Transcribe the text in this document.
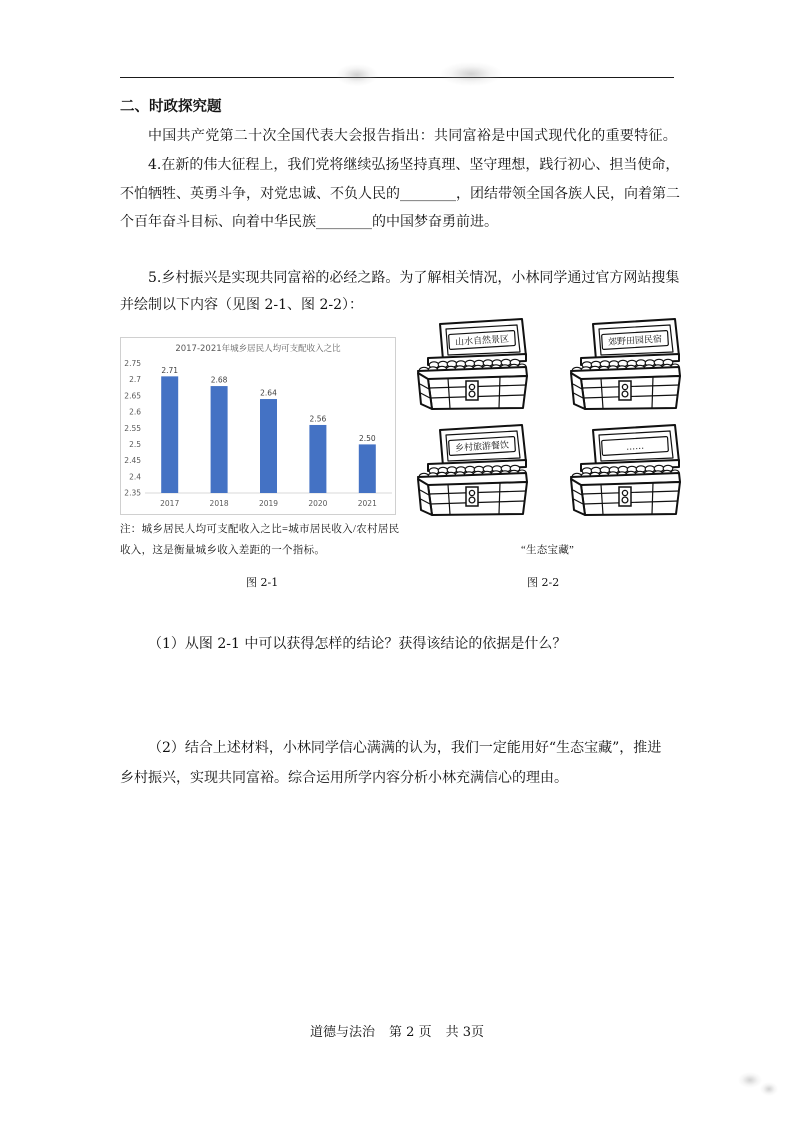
二、时政探究题
中国共产党第二十次全国代表大会报告指出：共同富裕是中国式现代化的重要特征。
4.在新的伟大征程上，我们党将继续弘扬坚持真理、坚守理想，践行初心、担当使命，
不怕牺牲、英勇斗争，对党忠诚、不负人民的________，团结带领全国各族人民，向着第二
个百年奋斗目标、向着中华民族________的中国梦奋勇前进。
5.乡村振兴是实现共同富裕的必经之路。为了解相关情况，小林同学通过官方网站搜集
并绘制以下内容（见图 2-1、图 2-2）：
2017-2021年城乡居民人均可支配收入之比
2.75
2.7
2.65
2.6
2.55
2.5
2.45
2.4
2.35
2.71
2017
2.68
2018
2.64
2019
2.56
2020
2.50
2021
注：城乡居民人均可支配收入之比=城市居民收入/农村居民
收入，这是衡量城乡收入差距的一个指标。
山水自然景区	郊野田园民宿
乡村旅游餐饮	……
“生态宝藏”
图 2-1	图 2-2
（1）从图 2-1 中可以获得怎样的结论？获得该结论的依据是什么？
（2）结合上述材料，小林同学信心满满的认为，我们一定能用好“生态宝藏”，推进
乡村振兴，实现共同富裕。综合运用所学内容分析小林充满信心的理由。
道德与法治 第 2 页 共 3页
